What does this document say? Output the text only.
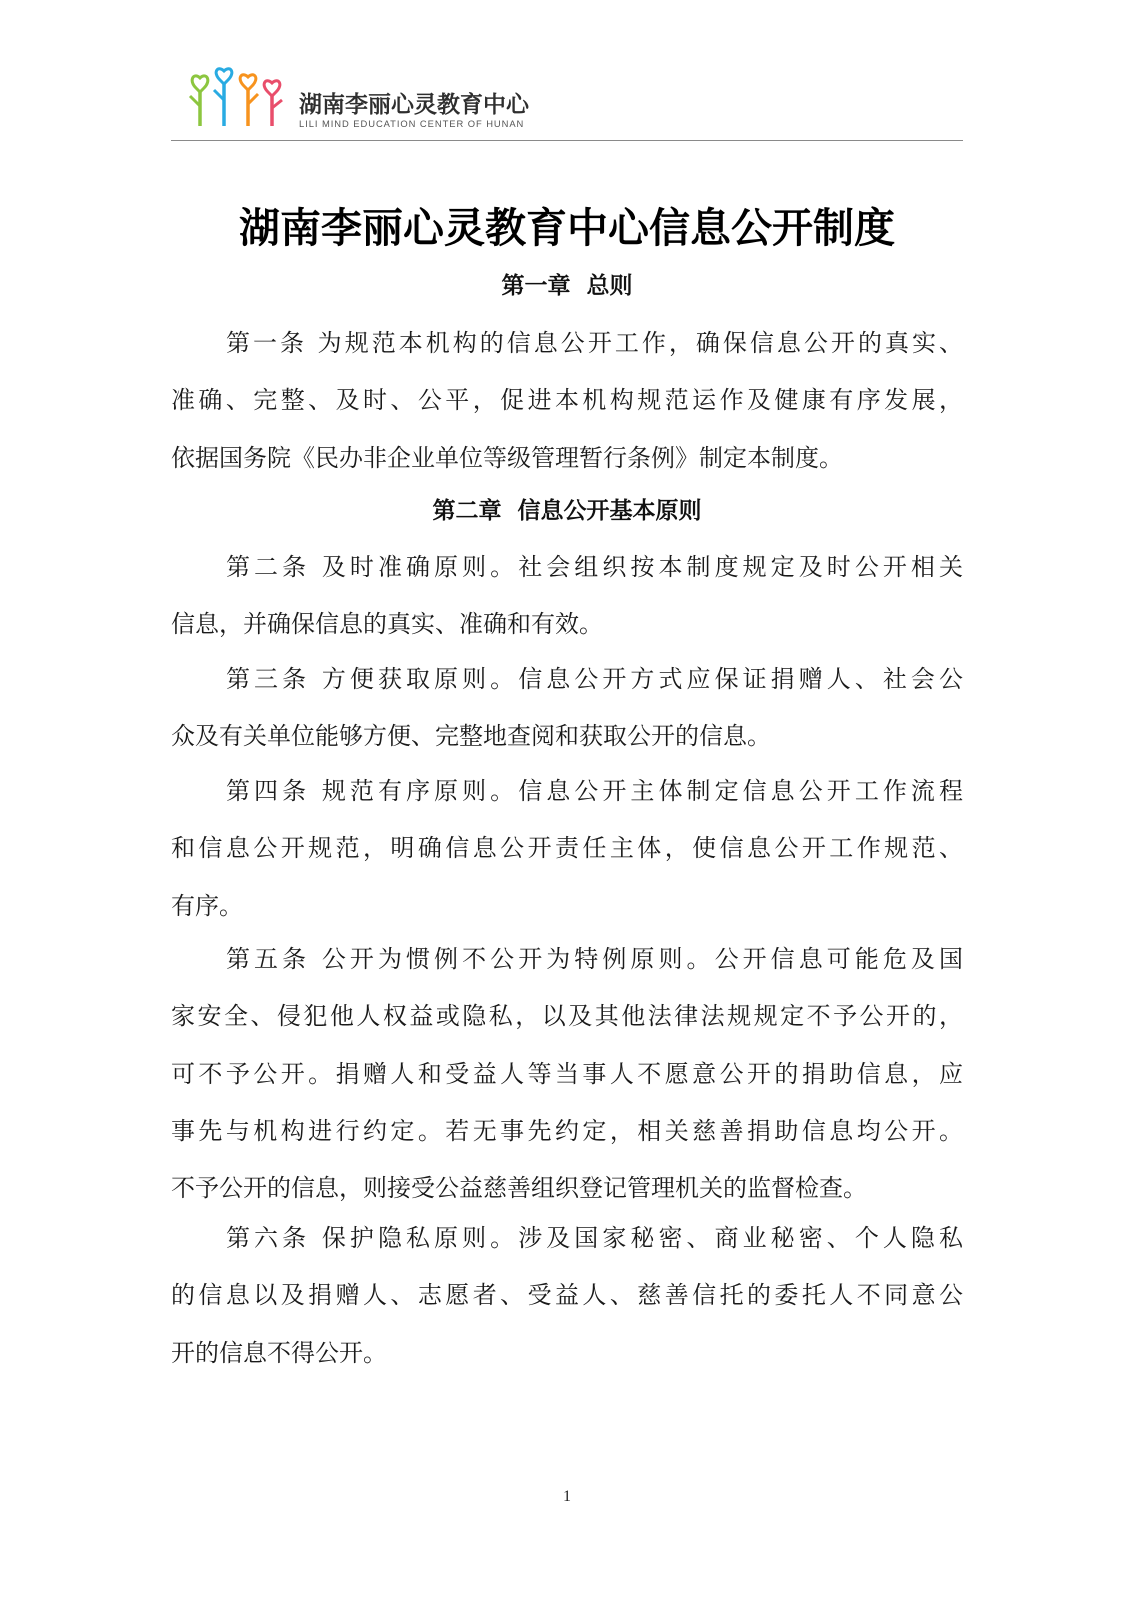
湖南李丽心灵教育中心
LILI MIND EDUCATION CENTER OF HUNAN
湖南李丽心灵教育中心信息公开制度
第一章  总则
第一条 为规范本机构的信息公开工作，确保信息公开的真实、
准确、完整、及时、公平，促进本机构规范运作及健康有序发展，
依据国务院《民办非企业单位等级管理暂行条例》制定本制度。
第二章  信息公开基本原则
第二条 及时准确原则。社会组织按本制度规定及时公开相关
信息，并确保信息的真实、准确和有效。
第三条 方便获取原则。信息公开方式应保证捐赠人、社会公
众及有关单位能够方便、完整地查阅和获取公开的信息。
第四条 规范有序原则。信息公开主体制定信息公开工作流程
和信息公开规范，明确信息公开责任主体，使信息公开工作规范、
有序。
第五条 公开为惯例不公开为特例原则。公开信息可能危及国
家安全、侵犯他人权益或隐私，以及其他法律法规规定不予公开的，
可不予公开。捐赠人和受益人等当事人不愿意公开的捐助信息，应
事先与机构进行约定。若无事先约定，相关慈善捐助信息均公开。
不予公开的信息，则接受公益慈善组织登记管理机关的监督检查。
第六条 保护隐私原则。涉及国家秘密、商业秘密、个人隐私
的信息以及捐赠人、志愿者、受益人、慈善信托的委托人不同意公
开的信息不得公开。
1
